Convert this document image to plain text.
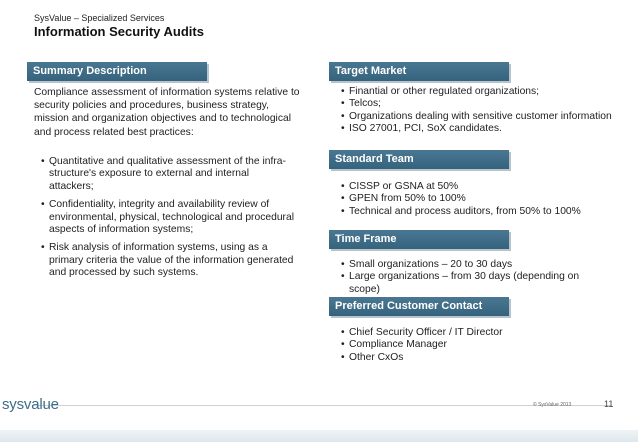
SysValue – Specialized Services
Information Security Audits
Summary Description
Compliance assessment of information systems relative to security policies and procedures, business strategy, mission and organization objectives and to technological and process related best practices:
• Quantitative and qualitative assessment of the infra-structure's exposure to external and internal attackers;
• Confidentiality, integrity and availability review of environmental, physical, technological and procedural aspects of information systems;
• Risk analysis of information systems, using as a primary criteria the value of the information generated and processed by such systems.
Target Market
• Finantial or other regulated organizations;
• Telcos;
• Organizations dealing with sensitive customer information
• ISO 27001, PCI, SoX candidates.
Standard Team
• CISSP or GSNA at 50%
• GPEN from 50% to 100%
• Technical and process auditors, from 50% to 100%
Time Frame
• Small organizations – 20 to 30 days
• Large organizations – from 30 days (depending on scope)
Preferred Customer Contact
• Chief Security Officer / IT Director
• Compliance Manager
• Other CxOs
sysvalue	© SysValue 2013	11
